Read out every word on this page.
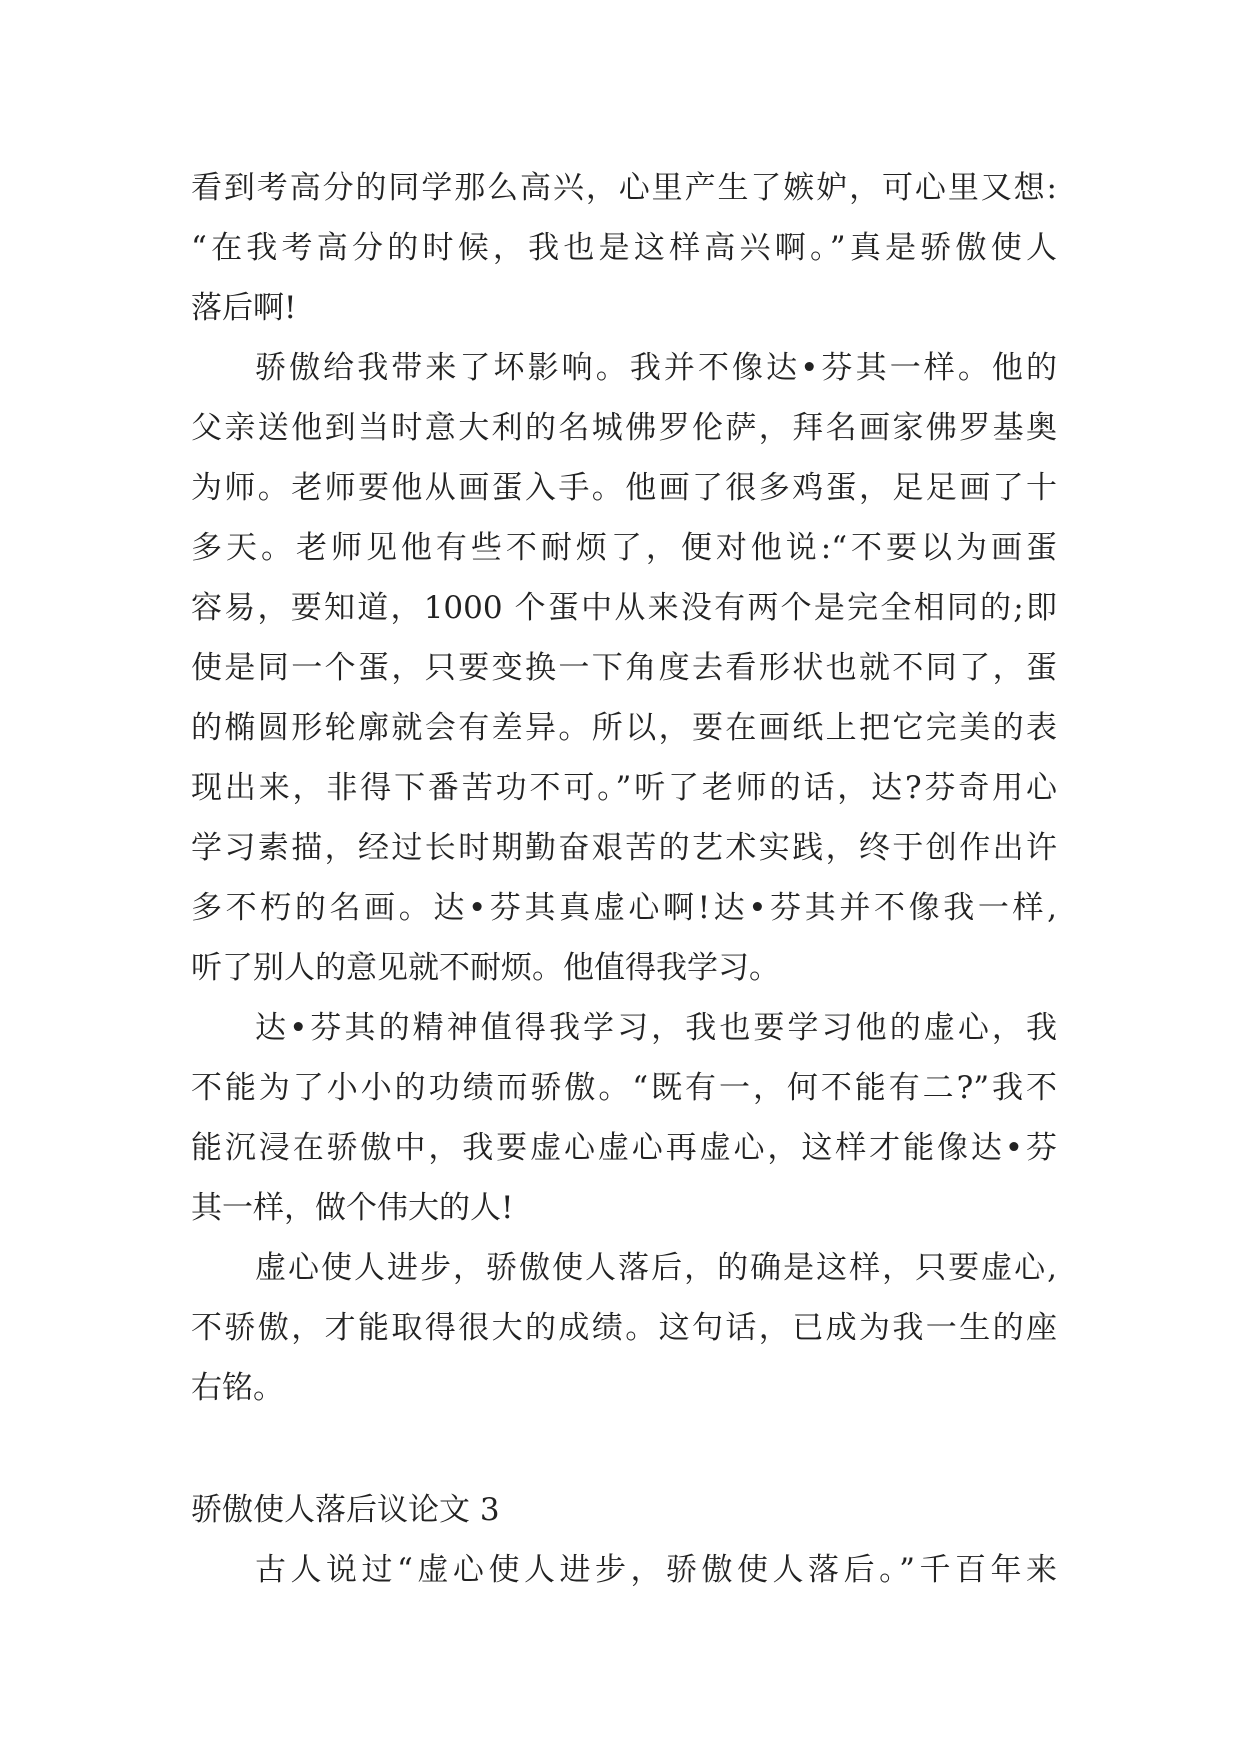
看到考高分的同学那么高兴，心里产生了嫉妒，可心里又想:
“在我考高分的时候，我也是这样高兴啊。”真是骄傲使人
落后啊!
骄傲给我带来了坏影响。我并不像达•芬其一样。他的
父亲送他到当时意大利的名城佛罗伦萨，拜名画家佛罗基奥
为师。老师要他从画蛋入手。他画了很多鸡蛋，足足画了十
多天。老师见他有些不耐烦了，便对他说:“不要以为画蛋
容易，要知道，1000 个蛋中从来没有两个是完全相同的;即
使是同一个蛋，只要变换一下角度去看形状也就不同了，蛋
的椭圆形轮廓就会有差异。所以，要在画纸上把它完美的表
现出来，非得下番苦功不可。”听了老师的话，达?芬奇用心
学习素描，经过长时期勤奋艰苦的艺术实践，终于创作出许
多不朽的名画。达•芬其真虚心啊!达•芬其并不像我一样,
听了别人的意见就不耐烦。他值得我学习。
达•芬其的精神值得我学习，我也要学习他的虚心，我
不能为了小小的功绩而骄傲。“既有一，何不能有二?”我不
能沉浸在骄傲中，我要虚心虚心再虚心，这样才能像达•芬
其一样，做个伟大的人!
虚心使人进步，骄傲使人落后，的确是这样，只要虚心,
不骄傲，才能取得很大的成绩。这句话，已成为我一生的座
右铭。
骄傲使人落后议论文 3
古人说过“虚心使人进步，骄傲使人落后。”千百年来
